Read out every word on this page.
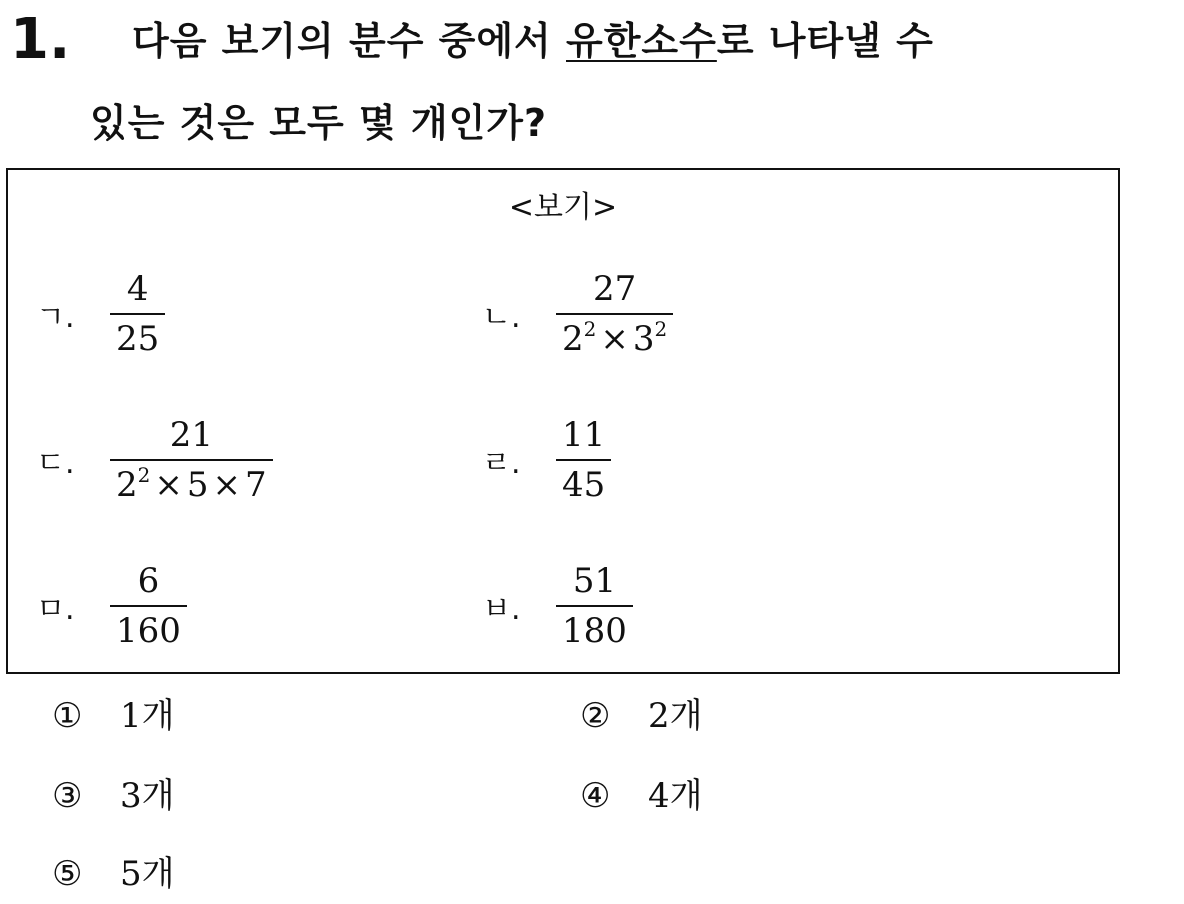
1. 다음 보기의 분수 중에서 유한소수로 나타낼 수
있는 것은 모두 몇 개인가?
<보기>
ㄱ.	$\frac{4}{25}$	ㄴ.	$\frac{27}{2^2 \times 3^2}$
ㄷ.	$\frac{21}{2^2 \times 5 \times 7}$	ㄹ.	$\frac{11}{45}$
ㅁ.	$\frac{6}{160}$	ㅂ.	$\frac{51}{180}$
① 1개	② 2개
③ 3개	④ 4개
⑤ 5개
